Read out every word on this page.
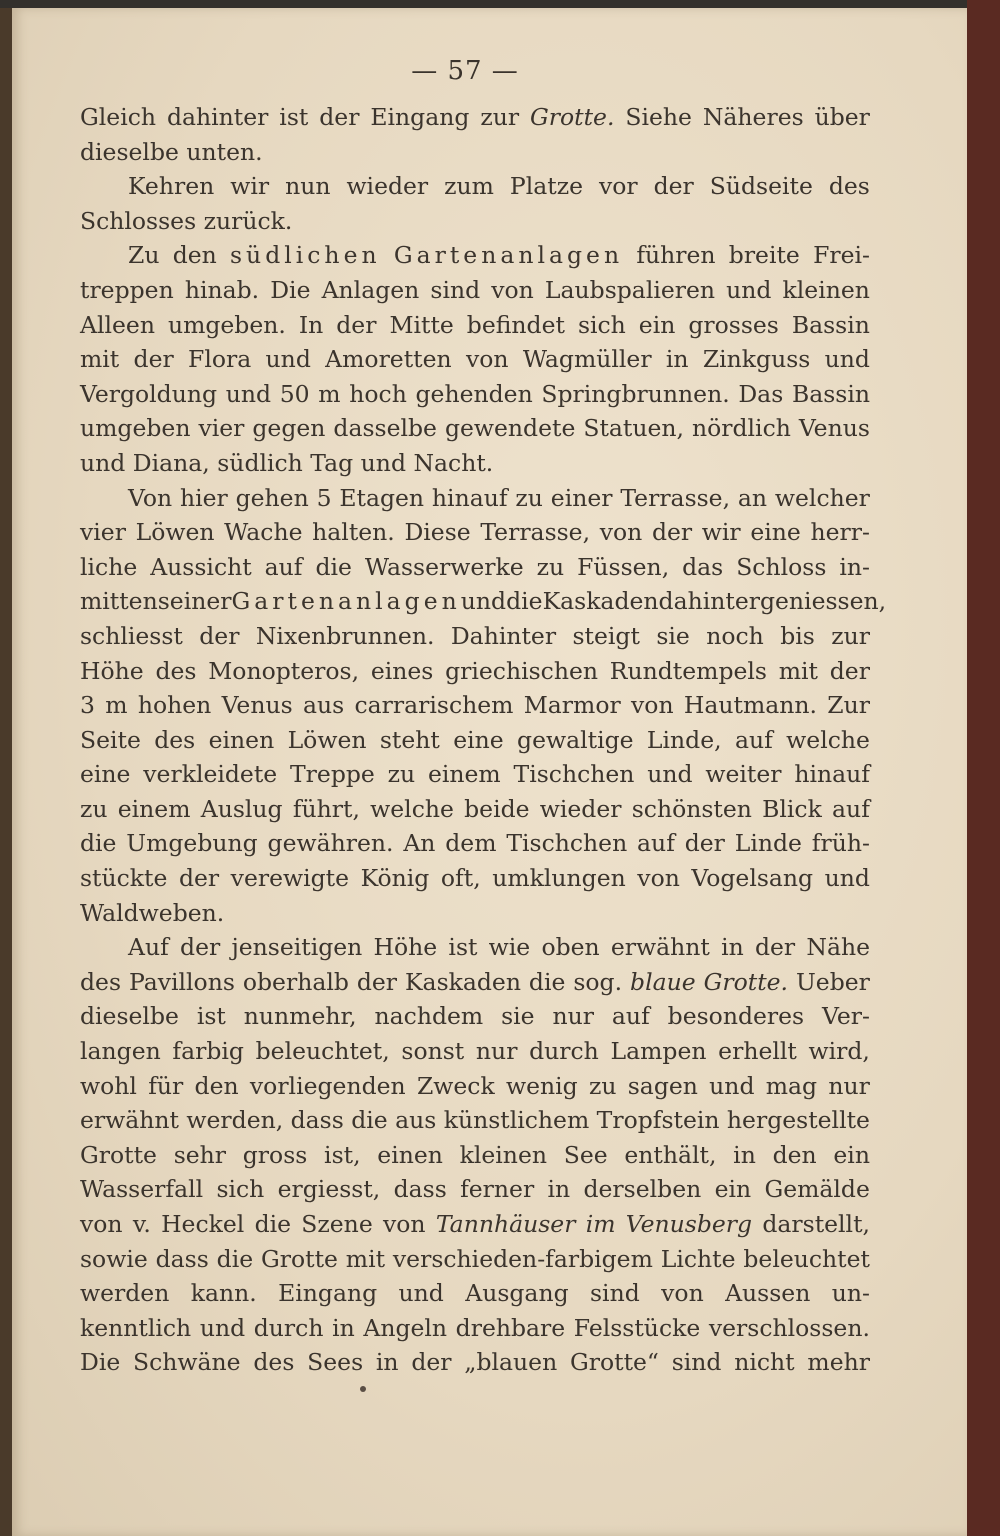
— 57 —
Gleich dahinter ist der Eingang zur Grotte. Siehe Näheres über
dieselbe unten.
Kehren wir nun wieder zum Platze vor der Südseite des
Schlosses zurück.
Zu den südlichen Gartenanlagen führen breite Frei-
treppen hinab. Die Anlagen sind von Laubspalieren und kleinen
Alleen umgeben. In der Mitte befindet sich ein grosses Bassin
mit der Flora und Amoretten von Wagmüller in Zinkguss und
Vergoldung und 50 m hoch gehenden Springbrunnen. Das Bassin
umgeben vier gegen dasselbe gewendete Statuen, nördlich Venus
und Diana, südlich Tag und Nacht.
Von hier gehen 5 Etagen hinauf zu einer Terrasse, an welcher
vier Löwen Wache halten. Diese Terrasse, von der wir eine herr-
liche Aussicht auf die Wasserwerke zu Füssen, das Schloss in-
mitten seiner Gartenanlagen und die Kaskaden dahinter geniessen,
schliesst der Nixenbrunnen. Dahinter steigt sie noch bis zur
Höhe des Monopteros, eines griechischen Rundtempels mit der
3 m hohen Venus aus carrarischem Marmor von Hautmann. Zur
Seite des einen Löwen steht eine gewaltige Linde, auf welche
eine verkleidete Treppe zu einem Tischchen und weiter hinauf
zu einem Auslug führt, welche beide wieder schönsten Blick auf
die Umgebung gewähren. An dem Tischchen auf der Linde früh-
stückte der verewigte König oft, umklungen von Vogelsang und
Waldweben.
Auf der jenseitigen Höhe ist wie oben erwähnt in der Nähe
des Pavillons oberhalb der Kaskaden die sog. blaue Grotte. Ueber
dieselbe ist nunmehr, nachdem sie nur auf besonderes Ver-
langen farbig beleuchtet, sonst nur durch Lampen erhellt wird,
wohl für den vorliegenden Zweck wenig zu sagen und mag nur
erwähnt werden, dass die aus künstlichem Tropfstein hergestellte
Grotte sehr gross ist, einen kleinen See enthält, in den ein
Wasserfall sich ergiesst, dass ferner in derselben ein Gemälde
von v. Heckel die Szene von Tannhäuser im Venusberg darstellt,
sowie dass die Grotte mit verschieden-farbigem Lichte beleuchtet
werden kann. Eingang und Ausgang sind von Aussen un-
kenntlich und durch in Angeln drehbare Felsstücke verschlossen.
Die Schwäne des Sees in der „blauen Grotte“ sind nicht mehr
